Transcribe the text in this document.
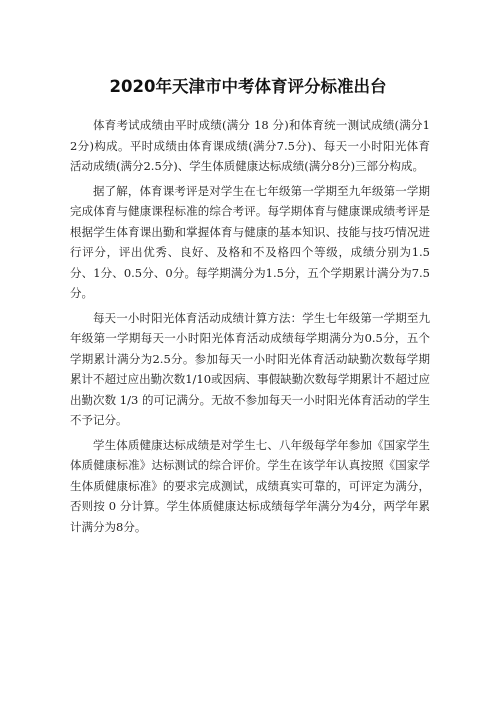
2020年天津市中考体育评分标准出台

体育考试成绩由平时成绩(满分 18 分)和体育统一测试成绩(满分12分)构成。平时成绩由体育课成绩(满分7.5分)、每天一小时阳光体育活动成绩(满分2.5分)、学生体质健康达标成绩(满分8分)三部分构成。

据了解，体育课考评是对学生在七年级第一学期至九年级第一学期完成体育与健康课程标准的综合考评。每学期体育与健康课成绩考评是根据学生体育课出勤和掌握体育与健康的基本知识、技能与技巧情况进行评分，评出优秀、良好、及格和不及格四个等级，成绩分别为1.5分、1分、0.5分、0分。每学期满分为1.5分，五个学期累计满分为7.5分。

每天一小时阳光体育活动成绩计算方法：学生七年级第一学期至九年级第一学期每天一小时阳光体育活动成绩每学期满分为0.5分，五个学期累计满分为2.5分。参加每天一小时阳光体育活动缺勤次数每学期累计不超过应出勤次数1/10或因病、事假缺勤次数每学期累计不超过应出勤次数 1/3 的可记满分。无故不参加每天一小时阳光体育活动的学生不予记分。

学生体质健康达标成绩是对学生七、八年级每学年参加《国家学生体质健康标准》达标测试的综合评价。学生在该学年认真按照《国家学生体质健康标准》的要求完成测试，成绩真实可靠的，可评定为满分，否则按 0 分计算。学生体质健康达标成绩每学年满分为4分，两学年累计满分为8分。
